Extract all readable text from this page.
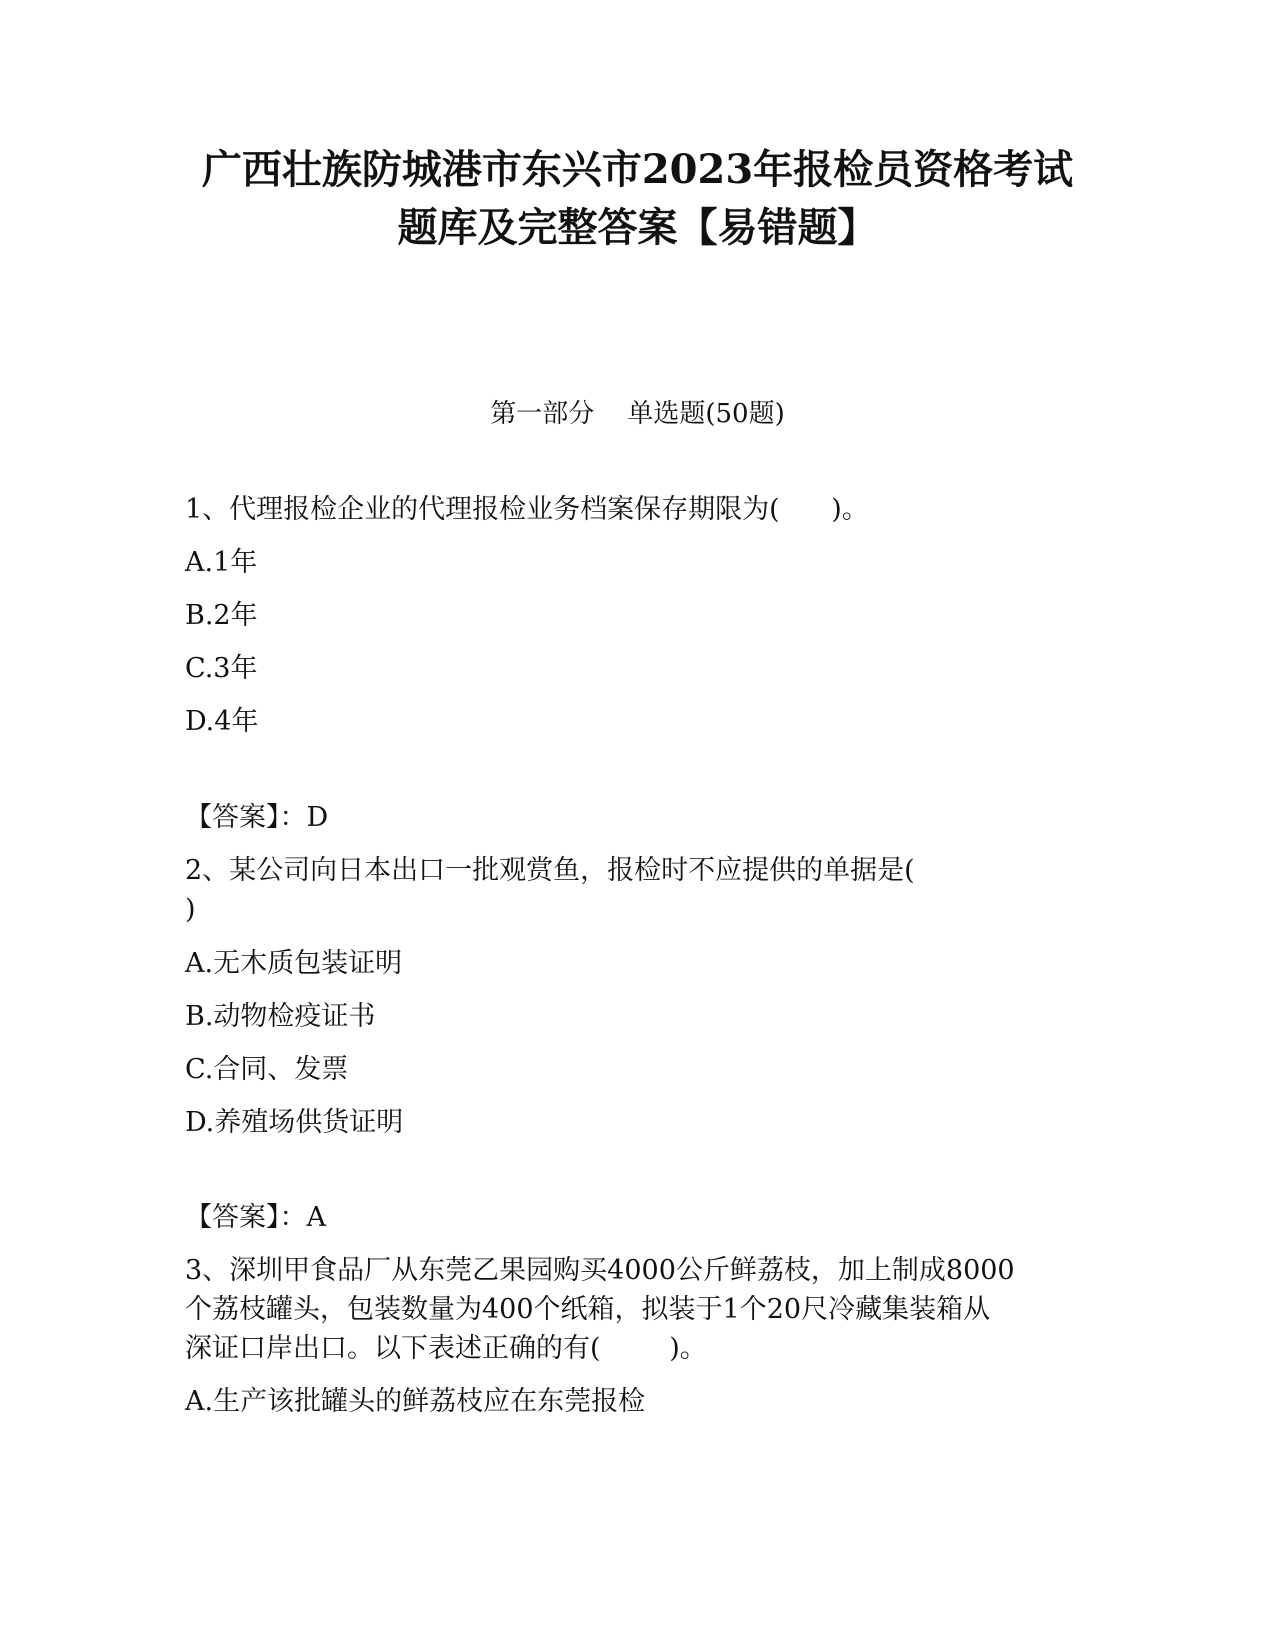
广西壮族防城港市东兴市2023年报检员资格考试
题库及完整答案【易错题】
第一部分    单选题(50题)
1、代理报检企业的代理报检业务档案保存期限为(      )。
A.1年
B.2年
C.3年
D.4年
【答案】：D
2、某公司向日本出口一批观赏鱼，报检时不应提供的单据是(
)
A.无木质包装证明
B.动物检疫证书
C.合同、发票
D.养殖场供货证明
【答案】：A
3、深圳甲食品厂从东莞乙果园购买4000公斤鲜荔枝，加上制成8000
个荔枝罐头，包装数量为400个纸箱，拟装于1个20尺冷藏集装箱从
深证口岸出口。以下表述正确的有(        )。
A.生产该批罐头的鲜荔枝应在东莞报检
